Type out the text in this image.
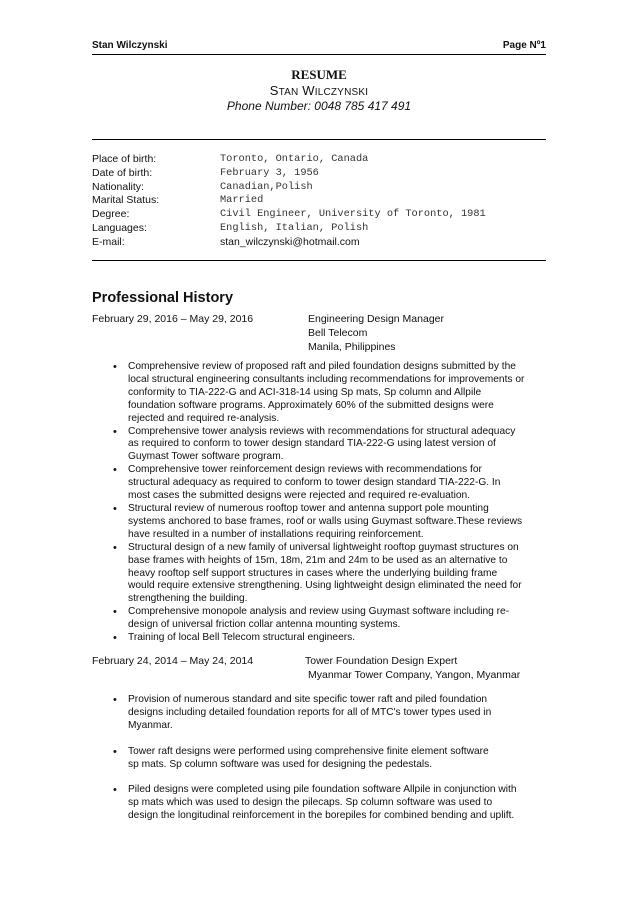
Stan Wilczynski	Page Nº1
RESUME
STAN WILCZYNSKI
Phone Number: 0048 785 417 491
Place of birth:	Toronto, Ontario, Canada
Date of birth:	February 3, 1956
Nationality:	Canadian,Polish
Marital Status:	Married
Degree:	Civil Engineer, University of Toronto, 1981
Languages:	English, Italian, Polish
E-mail:	stan_wilczynski@hotmail.com
Professional History
February 29, 2016 – May 29, 2016	Engineering Design Manager
Bell Telecom
Manila, Philippines
• Comprehensive review of proposed raft and piled foundation designs submitted by the
local structural engineering consultants including recommendations for improvements or
conformity to TIA-222-G and ACI-318-14 using Sp mats, Sp column and Allpile
foundation software programs. Approximately 60% of the submitted designs were
rejected and required re-analysis.
• Comprehensive tower analysis reviews with recommendations for structural adequacy
as required to conform to tower design standard TIA-222-G using latest version of
Guymast Tower software program.
• Comprehensive tower reinforcement design reviews with recommendations for
structural adequacy as required to conform to tower design standard TIA-222-G. In
most cases the submitted designs were rejected and required re-evaluation.
• Structural review of numerous rooftop tower and antenna support pole mounting
systems anchored to base frames, roof or walls using Guymast software.These reviews
have resulted in a number of installations requiring reinforcement.
• Structural design of a new family of universal lightweight rooftop guymast structures on
base frames with heights of 15m, 18m, 21m and 24m to be used as an alternative to
heavy rooftop self support structures in cases where the underlying building frame
would require extensive strengthening. Using lightweight design eliminated the need for
strengthening the building.
• Comprehensive monopole analysis and review using Guymast software including re-
design of universal friction collar antenna mounting systems.
• Training of local Bell Telecom structural engineers.
February 24, 2014 – May 24, 2014	Tower Foundation Design Expert
Myanmar Tower Company, Yangon, Myanmar
• Provision of numerous standard and site specific tower raft and piled foundation
designs including detailed foundation reports for all of MTC's tower types used in
Myanmar.
• Tower raft designs were performed using comprehensive finite element software
sp mats. Sp column software was used for designing the pedestals.
• Piled designs were completed using pile foundation software Allpile in conjunction with
sp mats which was used to design the pilecaps. Sp column software was used to
design the longitudinal reinforcement in the borepiles for combined bending and uplift.
